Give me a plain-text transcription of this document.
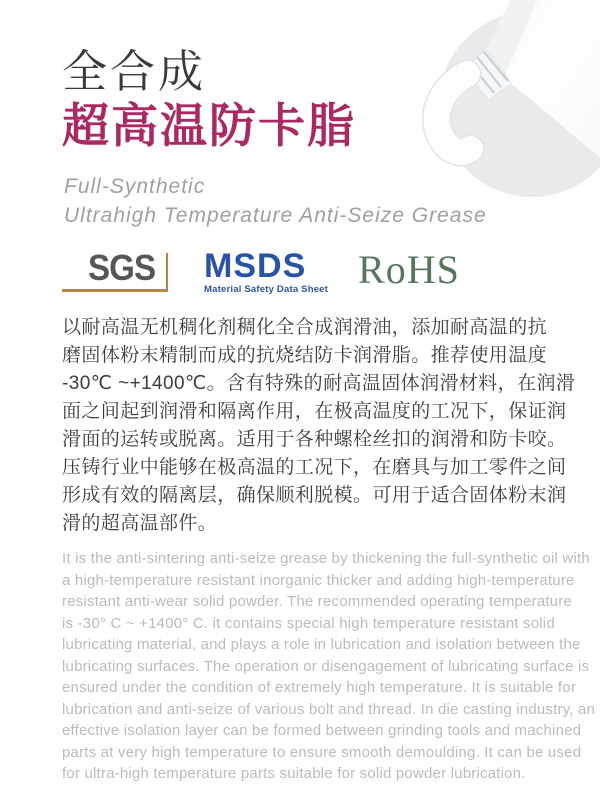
全合成
超高温防卡脂
Full-Synthetic
Ultrahigh Temperature Anti-Seize Grease
SGS	MSDS
Material Safety Data Sheet RoHS
以耐高温无机稠化剂稠化全合成润滑油，添加耐高温的抗
磨固体粉末精制而成的抗烧结防卡润滑脂。推荐使用温度
-30℃ ~+1400℃。含有特殊的耐高温固体润滑材料，在润滑
面之间起到润滑和隔离作用，在极高温度的工况下，保证润
滑面的运转或脱离。适用于各种螺栓丝扣的润滑和防卡咬。
压铸行业中能够在极高温的工况下，在磨具与加工零件之间
形成有效的隔离层，确保顺利脱模。可用于适合固体粉末润
滑的超高温部件。
It is the anti-sintering anti-seize grease by thickening the full-synthetic oil with
a high-temperature resistant inorganic thicker and adding high-temperature
resistant anti-wear solid powder. The recommended operating temperature
is -30° C ~ +1400° C. it contains special high temperature resistant solid
lubricating material, and plays a role in lubrication and isolation between the
lubricating surfaces. The operation or disengagement of lubricating surface is
ensured under the condition of extremely high temperature. It is suitable for
lubrication and anti-seize of various bolt and thread. In die casting industry, an
effective isolation layer can be formed between grinding tools and machined
parts at very high temperature to ensure smooth demoulding. It can be used
for ultra-high temperature parts suitable for solid powder lubrication.
